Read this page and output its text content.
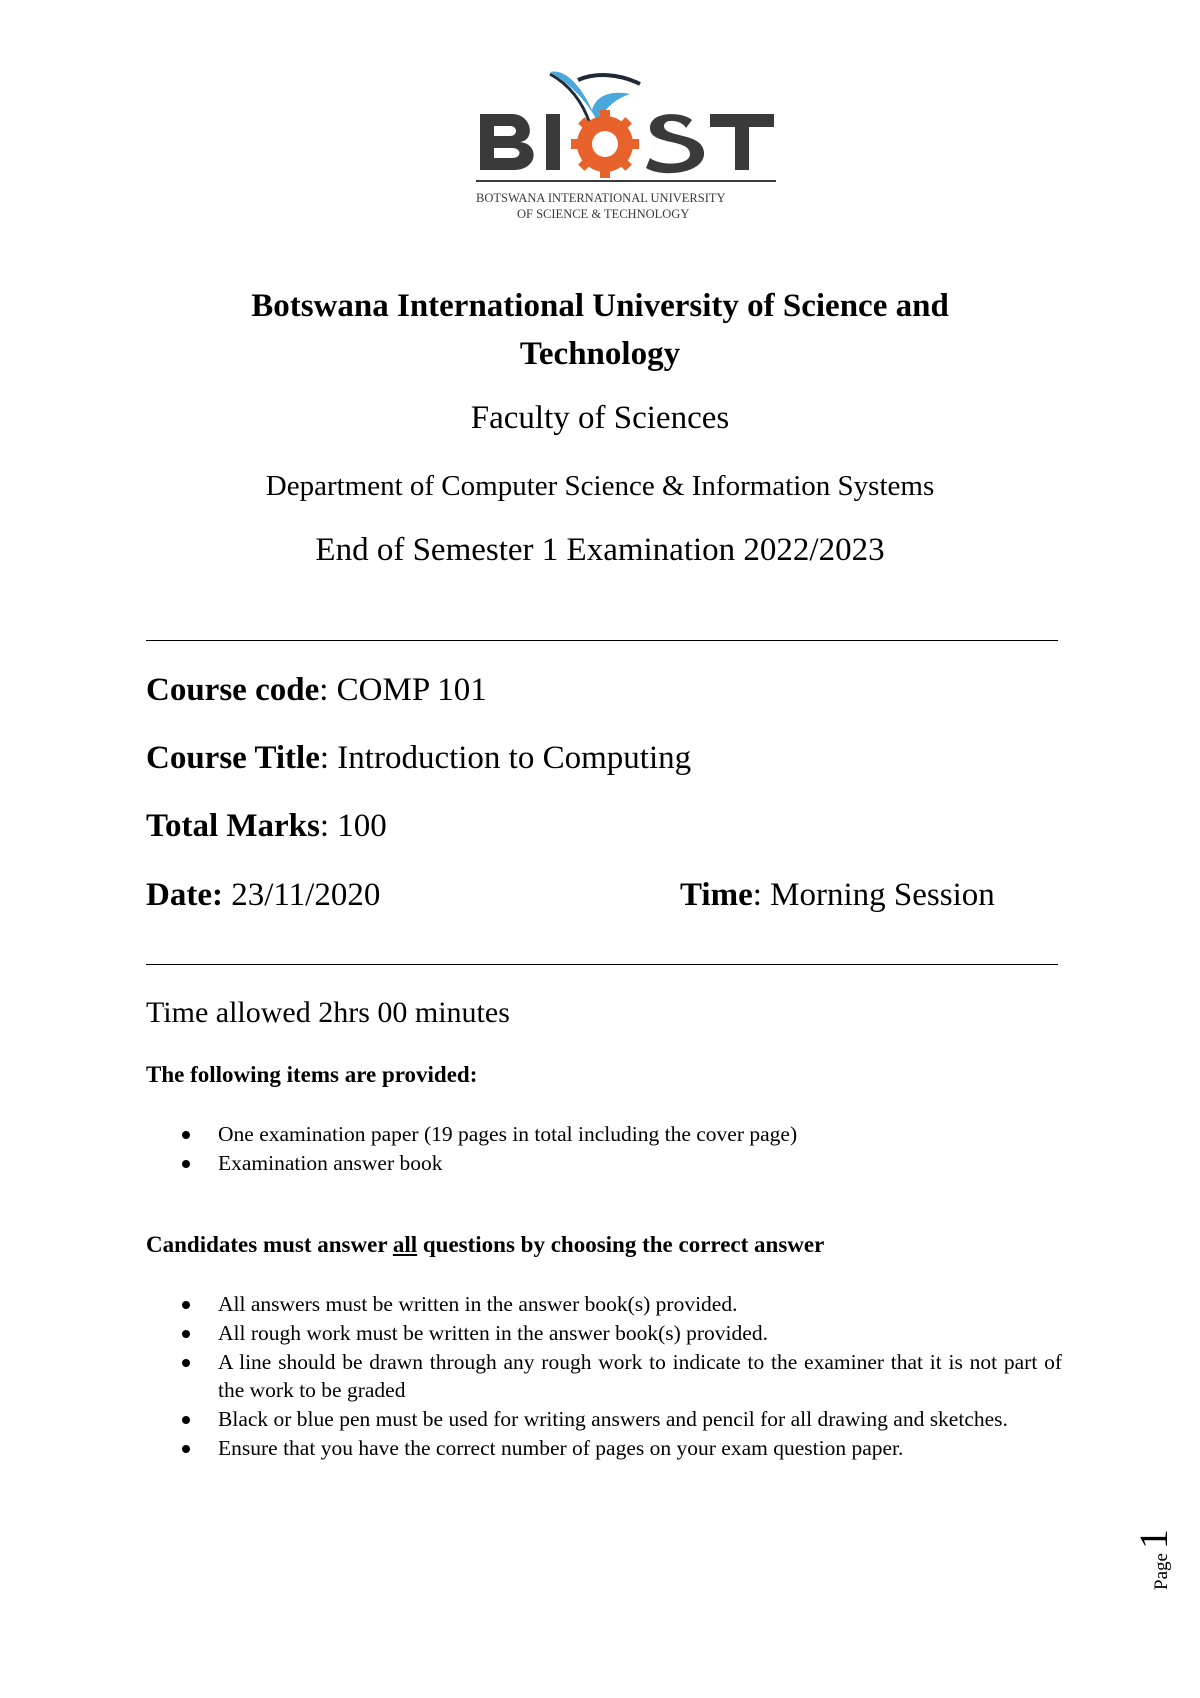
BOTSWANA INTERNATIONAL UNIVERSITY
OF SCIENCE & TECHNOLOGY
Botswana International University of Science and
Technology
Faculty of Sciences
Department of Computer Science & Information Systems
End of Semester 1 Examination 2022/2023
Course code: COMP 101
Course Title: Introduction to Computing
Total Marks: 100
Date: 23/11/2020	Time: Morning Session
Time allowed 2hrs 00 minutes
The following items are provided:
One examination paper (19 pages in total including the cover page)
Examination answer book
Candidates must answer all questions by choosing the correct answer
All answers must be written in the answer book(s) provided.
All rough work must be written in the answer book(s) provided.
A line should be drawn through any rough work to indicate to the examiner that it is not part of the work to be graded
Black or blue pen must be used for writing answers and pencil for all drawing and sketches.
Ensure that you have the correct number of pages on your exam question paper.
Page 1
